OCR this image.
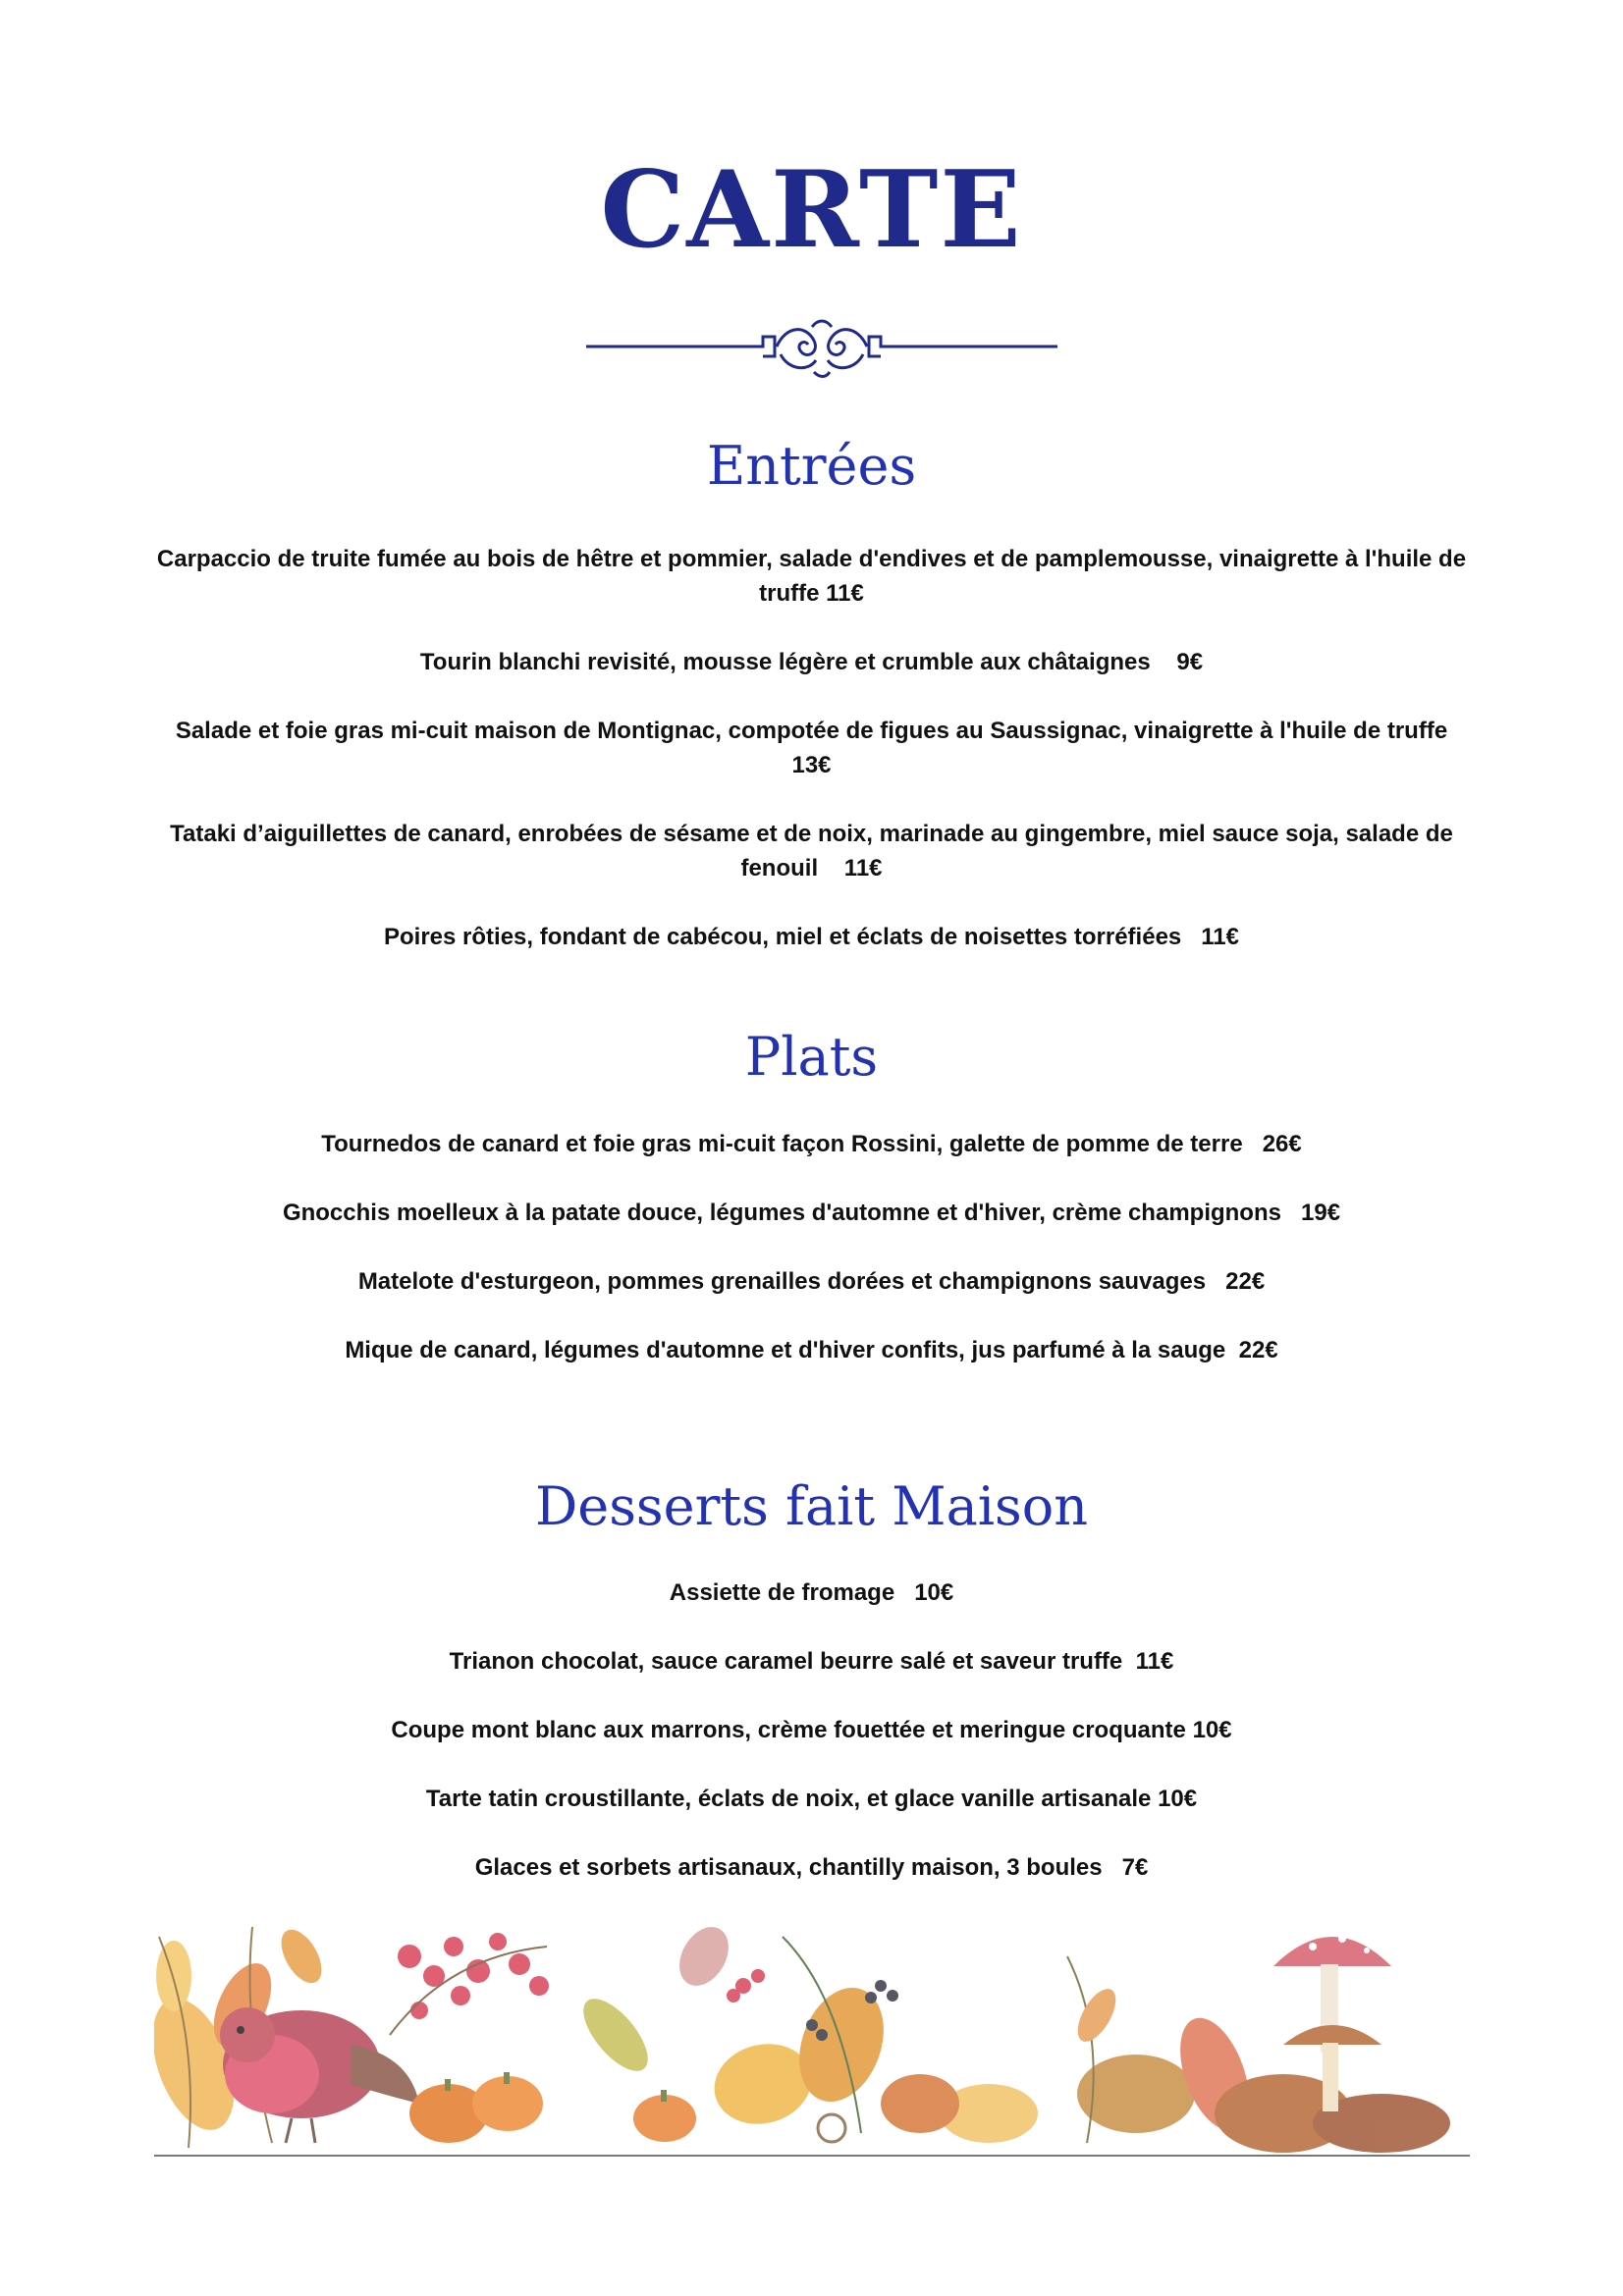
CARTE
Entrées
Carpaccio de truite fumée au bois de hêtre et pommier, salade d'endives et de pamplemousse, vinaigrette à l'huile de truffe 11€
Tourin blanchi revisité, mousse légère et crumble aux châtaignes 9€
Salade et foie gras mi-cuit maison de Montignac, compotée de figues au Saussignac, vinaigrette à l'huile de truffe    13€
Tataki d’aiguillettes de canard, enrobées de sésame et de noix, marinade au gingembre, miel sauce soja, salade de fenouil 11€
Poires rôties, fondant de cabécou, miel et éclats de noisettes torréfiées 11€
Plats
Tournedos de canard et foie gras mi-cuit façon Rossini, galette de pomme de terre 26€
Gnocchis moelleux à la patate douce, légumes d'automne et d'hiver, crème champignons 19€
Matelote d'esturgeon, pommes grenailles dorées et champignons sauvages 22€
Mique de canard, légumes d'automne et d'hiver confits, jus parfumé à la sauge 22€
Desserts fait Maison
Assiette de fromage 10€
Trianon chocolat, sauce caramel beurre salé et saveur truffe 11€
Coupe mont blanc aux marrons, crème fouettée et meringue croquante 10€
Tarte tatin croustillante, éclats de noix, et glace vanille artisanale 10€
Glaces et sorbets artisanaux, chantilly maison, 3 boules 7€
